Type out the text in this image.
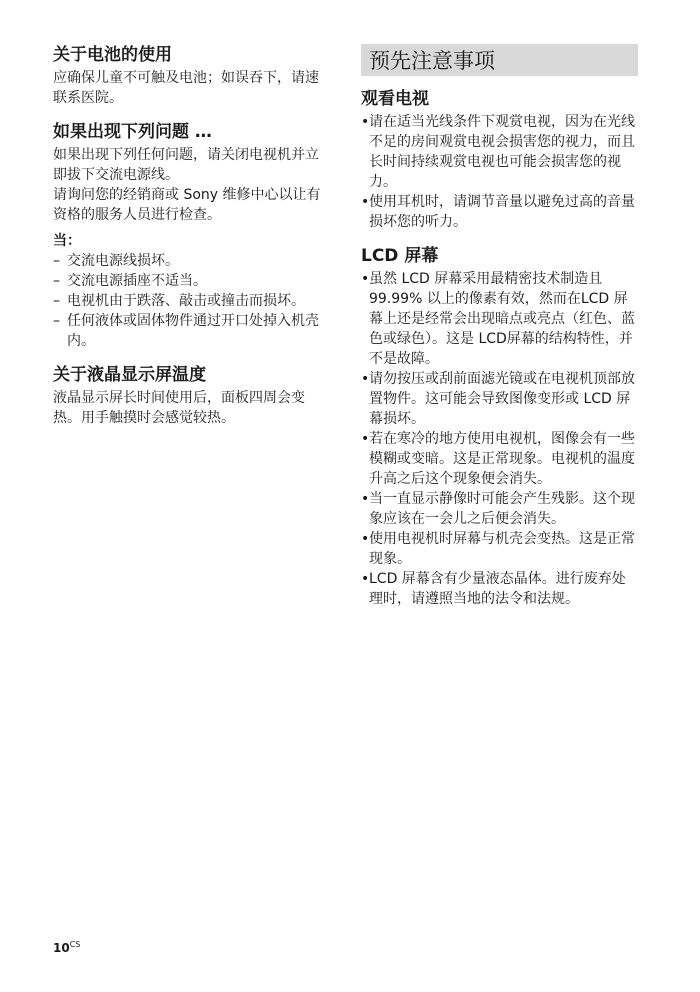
关于电池的使用

应确保儿童不可触及电池；如误吞下，请速联系医院。

如果出现下列问题 …

如果出现下列任何问题，请关闭电视机并立即拔下交流电源线。

请询问您的经销商或 Sony 维修中心以让有资格的服务人员进行检查。

当：
– 交流电源线损坏。
– 交流电源插座不适当。
– 电视机由于跌落、敲击或撞击而损坏。
– 任何液体或固体物件通过开口处掉入机壳内。
关于液晶显示屏温度

液晶显示屏长时间使用后，面板四周会变热。用手触摸时会感觉较热。

预先注意事项
观看电视
• 请在适当光线条件下观赏电视，因为在光线不足的房间观赏电视会损害您的视力，而且长时间持续观赏电视也可能会损害您的视力。
• 使用耳机时，请调节音量以避免过高的音量损坏您的听力。
LCD 屏幕
• 虽然 LCD 屏幕采用最精密技术制造且 99.99% 以上的像素有效，然而在LCD 屏幕上还是经常会出现暗点或亮点（红色、蓝色或绿色）。这是 LCD屏幕的结构特性，并不是故障。
• 请勿按压或刮前面滤光镜或在电视机顶部放置物件。这可能会导致图像变形或 LCD 屏幕损坏。
• 若在寒冷的地方使用电视机，图像会有一些模糊或变暗。这是正常现象。电视机的温度升高之后这个现象便会消失。
• 当一直显示静像时可能会产生残影。这个现象应该在一会儿之后便会消失。
• 使用电视机时屏幕与机壳会变热。这是正常现象。
• LCD 屏幕含有少量液态晶体。进行废弃处理时，请遵照当地的法令和法规。
$10^{CS}$
